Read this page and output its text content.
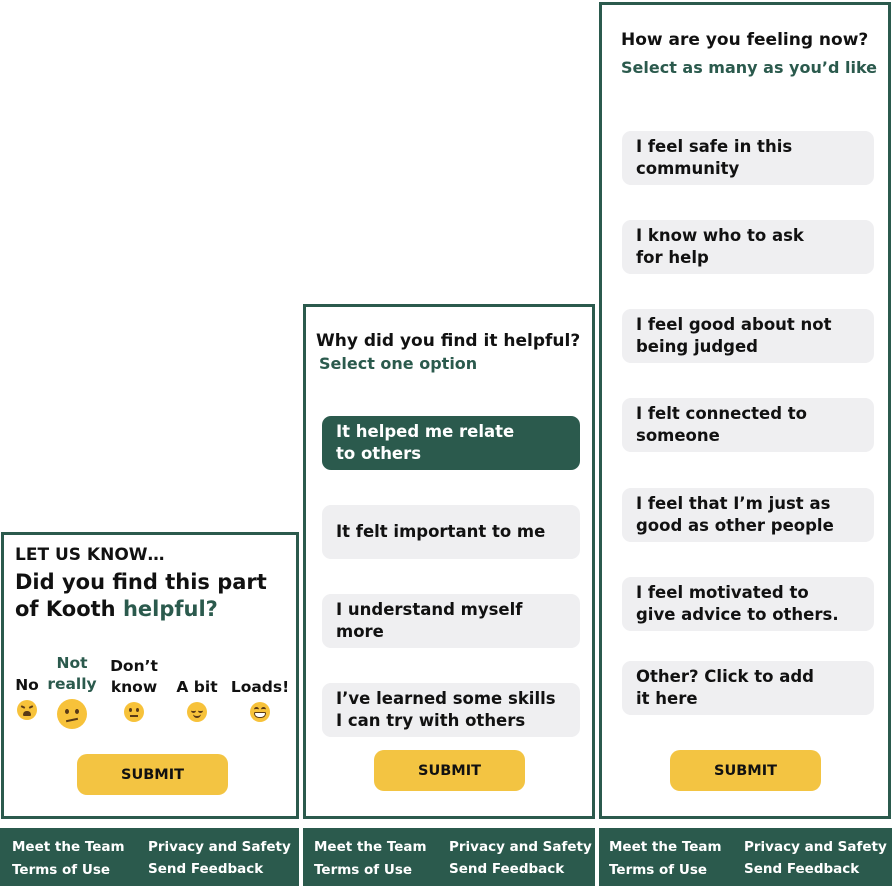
LET US KNOW…
Did you find this part
of Kooth helpful?
No
Not
really
Don’t
know	A bit Loads!
SUBMIT
Why did you find it helpful?
Select one option
It helped me relate
to others
It felt important to me
I understand myself
more
I’ve learned some skills
I can try with others
SUBMIT
How are you feeling now?
Select as many as you’d like
I feel safe in this
community
I know who to ask
for help
I feel good about not
being judged
I felt connected to
someone
I feel that I’m just as
good as other people
I feel motivated to
give advice to others.
Other? Click to add
it here
SUBMIT
Meet the Team Privacy and Safety
Terms of Use	Send Feedback
Meet the Team Privacy and Safety
Terms of Use	Send Feedback
Meet the Team Privacy and Safety
Terms of Use	Send Feedback
